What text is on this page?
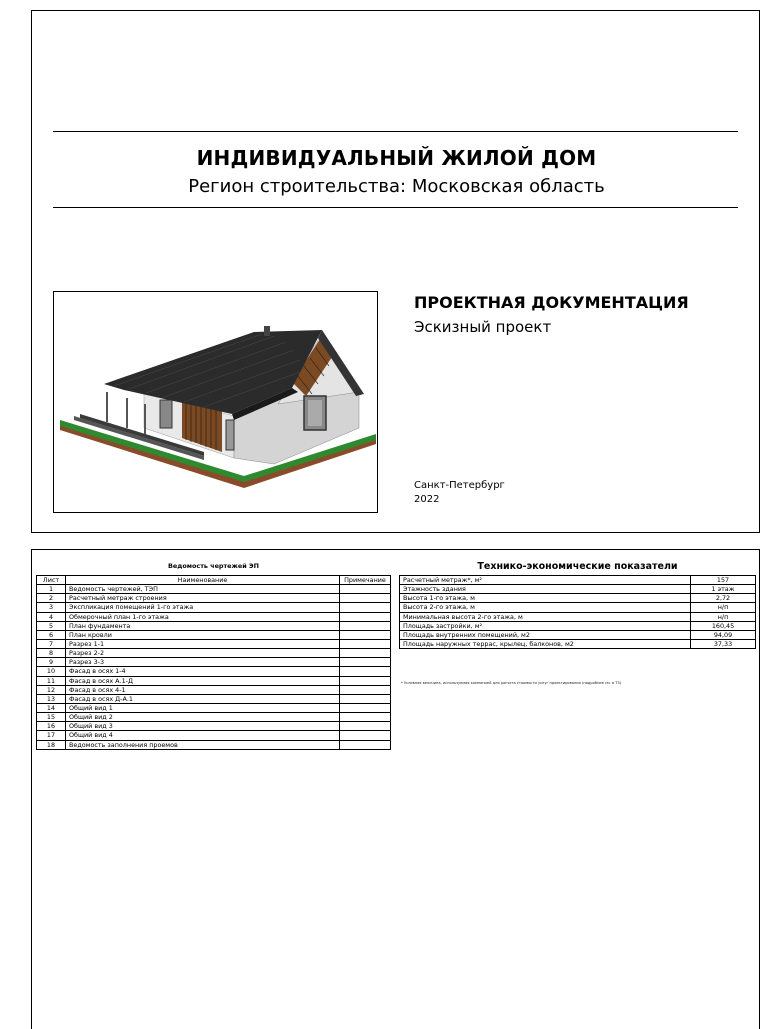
ИНДИВИДУАЛЬНЫЙ ЖИЛОЙ ДОМ
Регион строительства: Московская область
ПРОЕКТНАЯ ДОКУМЕНТАЦИЯ
Эскизный проект
Санкт-Петербург
2022
Ведомость чертежей ЭП
Лист	Наименование	Примечание
1	Ведомость чертежей, ТЭП	
2	Расчетный метраж строения	
3	Экспликация помещений 1-го этажа	
4	Обмерочный план 1-го этажа	
5	План фундамента	
6	План кровли	
7	Разрез 1-1	
8	Разрез 2-2	
9	Разрез 3-3	
10	Фасад в осях 1-4	
11	Фасад в осях А.1-Д	
12	Фасад в осях 4-1	
13	Фасад в осях Д-А.1	
14	Общий вид 1	
15	Общий вид 2	
16	Общий вид 3	
17	Общий вид 4	
18	Ведомость заполнения проемов	
Технико-экономические показатели
Расчетный метраж*, м²	157
Этажность здания	1 этаж
Высота 1-го этажа, м	2,72
Высота 2-го этажа, м	н/п
Минимальная высота 2-го этажа, м	н/п
Площадь застройки, м²	160,45
Площадь внутренних помещений, м2	94,09
Площадь наружных террас, крылец, балконов, м2	37,33
* Условная величина, используемая компанией для расчета стоимости услуг проектирования (подробнее см. в ТЗ)
